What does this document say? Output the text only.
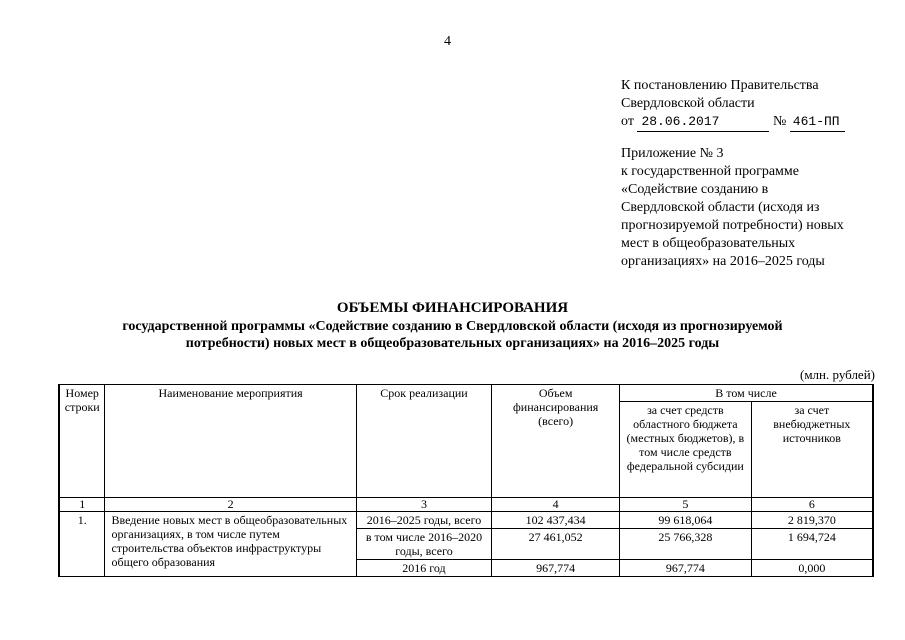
4
К постановлению Правительства
Свердловской области
от 28.06.2017	№ 461-ПП
Приложение № 3
к государственной программе
«Содействие созданию в
Свердловской области (исходя из
прогнозируемой потребности) новых
мест в общеобразовательных
организациях» на 2016–2025 годы
ОБЪЕМЫ ФИНАНСИРОВАНИЯ
государственной программы «Содействие созданию в Свердловской области (исходя из прогнозируемой
потребности) новых мест в общеобразовательных организациях» на 2016–2025 годы
(млн. рублей)
Номер строки	Наименование мероприятия	Срок реализации	Объем финансирования (всего)	В том числе	
				за счет средств областного бюджета (местных бюджетов), в том числе средств федеральной субсидии	за счет внебюджетных источников
1	2	3	4	5	6
1.	Введение новых мест в общеобразовательных организациях, в том числе путем строительства объектов инфраструктуры общего образования	2016–2025 годы, всего	102 437,434	99 618,064	2 819,370
		в том числе 2016–2020 годы, всего	27 461,052	25 766,328	1 694,724
		2016 год	967,774	967,774	0,000
